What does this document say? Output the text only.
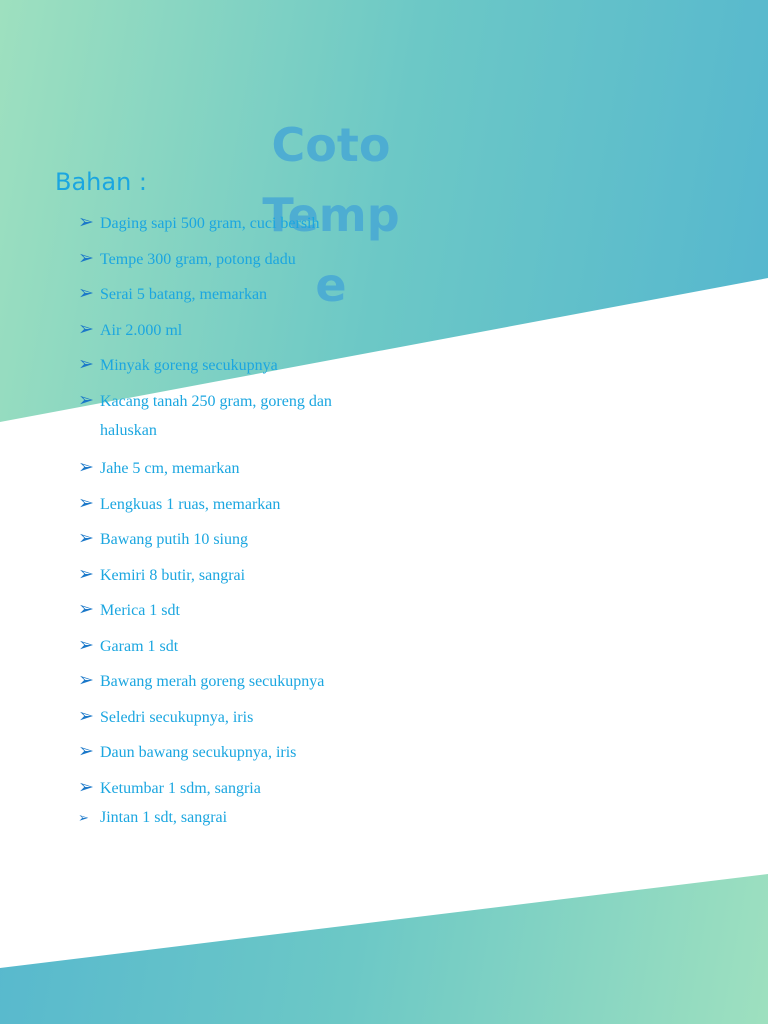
Coto Tempe
Bahan :
➢ Daging sapi 500 gram, cuci bersih
➢ Tempe 300 gram, potong dadu
➢ Serai 5 batang, memarkan
➢ Air 2.000 ml
➢ Minyak goreng secukupnya
➢ Kacang tanah 250 gram, goreng dan haluskan
➢ Jahe 5 cm, memarkan
➢ Lengkuas 1 ruas, memarkan
➢ Bawang putih 10 siung
➢ Kemiri 8 butir, sangrai
➢ Merica 1 sdt
➢ Garam 1 sdt
➢ Bawang merah goreng secukupnya
➢ Seledri secukupnya, iris
➢ Daun bawang secukupnya, iris
➢ Ketumbar 1 sdm, sangria
➢ Jintan 1 sdt, sangrai
